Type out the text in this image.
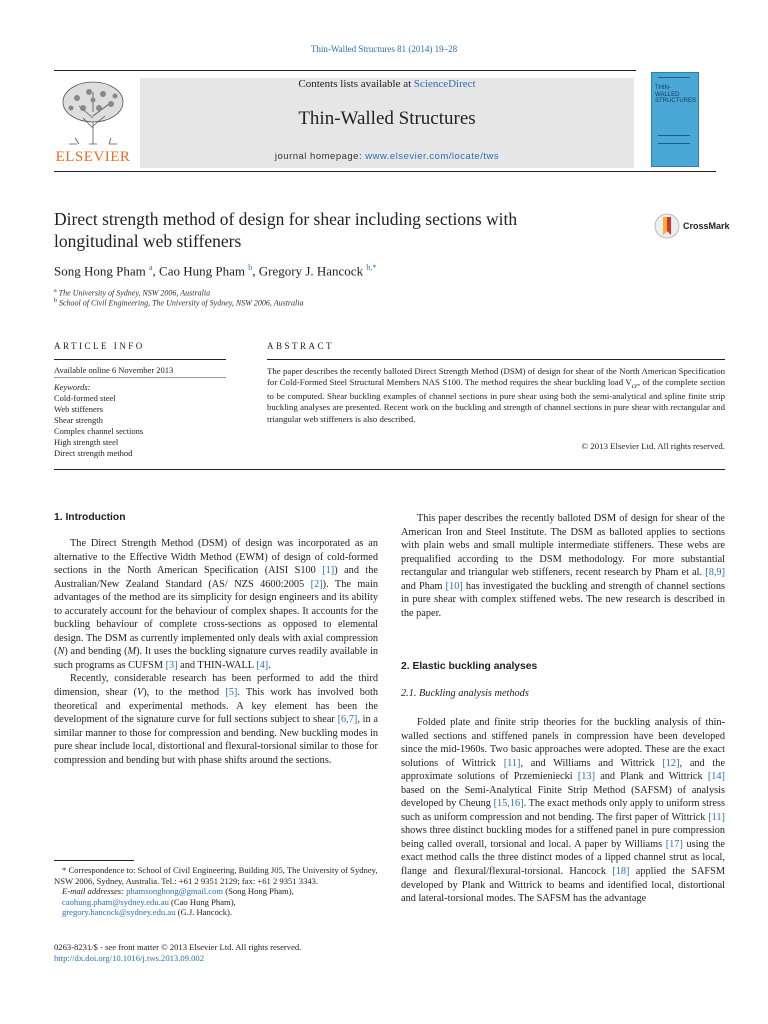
Thin-Walled Structures 81 (2014) 19–28
Contents lists available at ScienceDirect
Thin-Walled Structures
journal homepage: www.elsevier.com/locate/tws
ELSEVIER
THIN-WALLED STRUCTURES
Direct strength method of design for shear including sections with longitudinal web stiffeners
CrossMark
Song Hong Pham $^a$, Cao Hung Pham $^b$, Gregory J. Hancock $^{b,*}$
$^a$ The University of Sydney, NSW 2006, Australia
$^b$ School of Civil Engineering, The University of Sydney, NSW 2006, Australia
ARTICLE INFO	ABSTRACT
Available online 6 November 2013
Keywords:
Cold-formed steel
Web stiffeners
Shear strength
Complex channel sections
High strength steel
Direct strength method
The paper describes the recently balloted Direct Strength Method (DSM) of design for shear of the North American Specification for Cold-Formed Steel Structural Members NAS S100. The method requires the shear buckling load $V_{cr}$, of the complete section to be computed. Shear buckling examples of channel sections in pure shear using both the semi-analytical and spline finite strip buckling analyses are presented. Recent work on the buckling and strength of channel sections in pure shear with rectangular and triangular web stiffeners is also described.
© 2013 Elsevier Ltd. All rights reserved.
1. Introduction

The Direct Strength Method (DSM) of design was incorporated as an alternative to the Effective Width Method (EWM) of design of cold-formed sections in the North American Specification (AISI S100 [1]) and the Australian/New Zealand Standard (AS/ NZS 4600:2005 [2]). The main advantages of the method are its simplicity for design engineers and its ability to accurately account for the behaviour of complex shapes. It accounts for the buckling behaviour of complete cross-sections as opposed to elemental design. The DSM as currently implemented only deals with axial compression (N) and bending (M). It uses the buckling signature curves readily available in such programs as CUFSM [3] and THIN-WALL [4].

Recently, considerable research has been performed to add the third dimension, shear (V), to the method [5]. This work has involved both theoretical and experimental methods. A key element has been the development of the signature curve for full sections subject to shear [6,7], in a similar manner to those for compression and bending. New buckling modes in pure shear include local, distortional and flexural-torsional similar to those for compression and bending but with phase shifts around the sections.

* Correspondence to: School of Civil Engineering, Building J05, The University of Sydney, NSW 2006, Sydney, Australia. Tel.: +61 2 9351 2129; fax: +61 2 9351 3343.
E-mail addresses: phamsonghong@gmail.com (Song Hong Pham),
caohung.pham@sydney.edu.au (Cao Hung Pham),
gregory.hancock@sydney.edu.au (G.J. Hancock).
0263-8231/$ - see front matter © 2013 Elsevier Ltd. All rights reserved.
http://dx.doi.org/10.1016/j.tws.2013.09.002

This paper describes the recently balloted DSM of design for shear of the American Iron and Steel Institute. The DSM as balloted applies to sections with plain webs and small multiple intermediate stiffeners. These webs are prequalified according to the DSM methodology. For more substantial rectangular and triangular web stiffeners, recent research by Pham et al. [8,9] and Pham [10] has investigated the buckling and strength of channel sections in pure shear with complex stiffened webs. The new research is described in the paper.

2. Elastic buckling analyses
2.1. Buckling analysis methods

Folded plate and finite strip theories for the buckling analysis of thin-walled sections and stiffened panels in compression have been developed since the mid-1960s. Two basic approaches were adopted. These are the exact solutions of Wittrick [11], and Williams and Wittrick [12], and the approximate solutions of Przemieniecki [13] and Plank and Wittrick [14] based on the Semi-Analytical Finite Strip Method (SAFSM) of analysis developed by Cheung [15,16]. The exact methods only apply to uniform stress such as uniform compression and not bending. The first paper of Wittrick [11] shows three distinct buckling modes for a stiffened panel in pure compression being called overall, torsional and local. A paper by Williams [17] using the exact method calls the three distinct modes of a lipped channel strut as local, flange and flexural/flexural-torsional. Hancock [18] applied the SAFSM developed by Plank and Wittrick to beams and identified local, distortional and lateral-torsional modes. The SAFSM has the advantage
